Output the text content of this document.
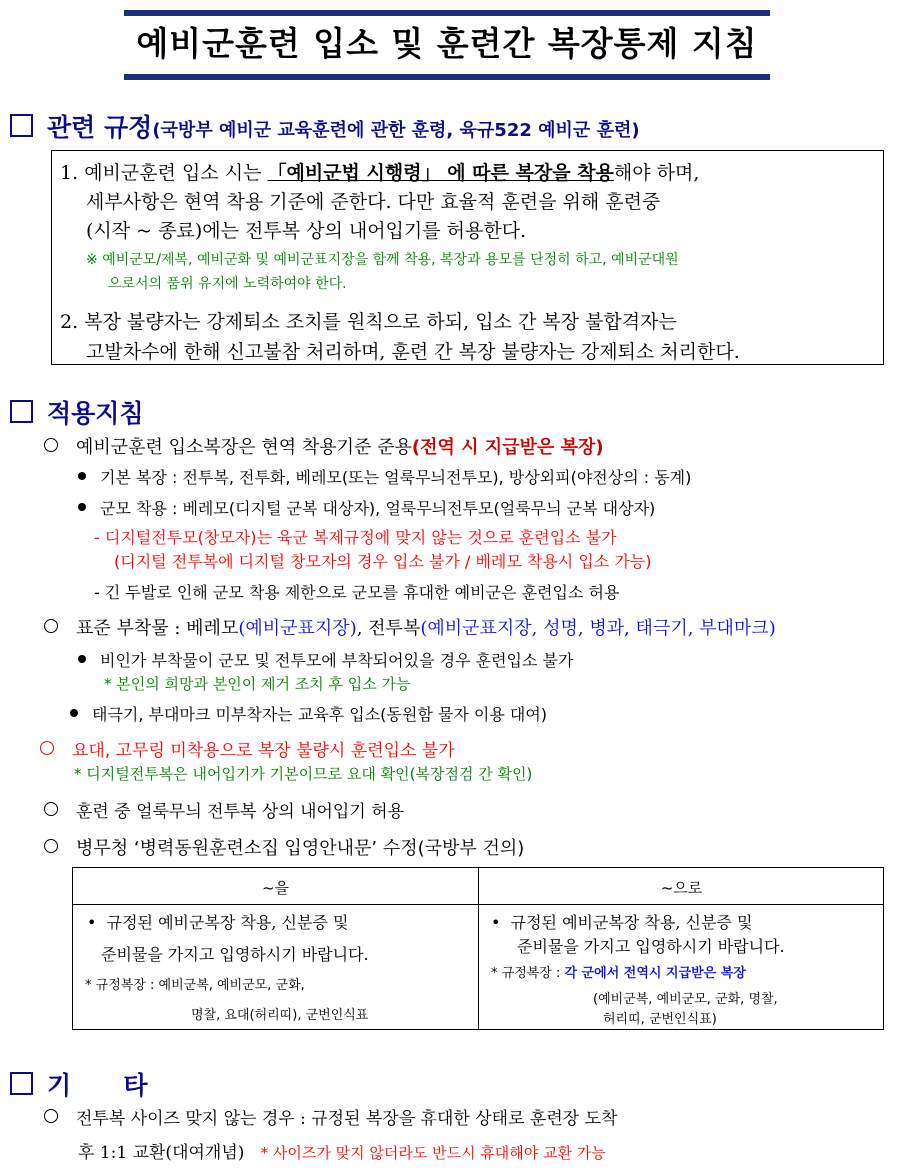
예비군훈련 입소 및 훈련간 복장통제 지침
관련 규정(국방부 예비군 교육훈련에 관한 훈령, 육규522 예비군 훈련)
1. 예비군훈련 입소 시는 「예비군법 시행령」 에 따른 복장을 착용해야 하며,
세부사항은 현역 착용 기준에 준한다. 다만 효율적 훈련을 위해 훈련중
(시작 ~ 종료)에는 전투복 상의 내어입기를 허용한다.
※ 예비군모/제복, 예비군화 및 예비군표지장을 함께 착용, 복장과 용모를 단정히 하고, 예비군대원
으로서의 품위 유지에 노력하여야 한다.
2. 복장 불량자는 강제퇴소 조치를 원칙으로 하되, 입소 간 복장 불합격자는
고발차수에 한해 신고불참 처리하며, 훈련 간 복장 불량자는 강제퇴소 처리한다.
적용지침
예비군훈련 입소복장은 현역 착용기준 준용(전역 시 지급받은 복장)
기본 복장 : 전투복, 전투화, 베레모(또는 얼룩무늬전투모), 방상외피(야전상의 : 동계)
군모 착용 : 베레모(디지털 군복 대상자), 얼룩무늬전투모(얼룩무늬 군복 대상자)
- 디지털전투모(창모자)는 육군 복제규정에 맞지 않는 것으로 훈련입소 불가
(디지털 전투복에 디지털 창모자의 경우 입소 불가 / 베레모 착용시 입소 가능)
- 긴 두발로 인해 군모 착용 제한으로 군모를 휴대한 예비군은 훈련입소 허용
표준 부착물 : 베레모(예비군표지장), 전투복(예비군표지장, 성명, 병과, 태극기, 부대마크)
비인가 부착물이 군모 및 전투모에 부착되어있을 경우 훈련입소 불가
* 본인의 희망과 본인이 제거 조치 후 입소 가능
태극기, 부대마크 미부착자는 교육후 입소(동원함 물자 이용 대여)
요대, 고무링 미착용으로 복장 불량시 훈련입소 불가
* 디지털전투복은 내어입기가 기본이므로 요대 확인(복장점검 간 확인)
훈련 중 얼룩무늬 전투복 상의 내어입기 허용
병무청 ‘병력동원훈련소집 입영안내문’ 수정(국방부 건의)
~을	~으로
• 규정된 예비군복장 착용, 신분증 및
준비물을 가지고 입영하시기 바랍니다.
* 규정복장 : 예비군복, 예비군모, 군화,
명찰, 요대(허리띠), 군번인식표
• 규정된 예비군복장 착용, 신분증 및
준비물을 가지고 입영하시기 바랍니다.
* 규정복장 : 각 군에서 전역시 지급받은 복장
(예비군복, 예비군모, 군화, 명찰,
허리띠, 군번인식표)
기      타
전투복 사이즈 맞지 않는 경우 : 규정된 복장을 휴대한 상태로 훈련장 도착
후 1:1 교환(대여개념) * 사이즈가 맞지 않더라도 반드시 휴대해야 교환 가능
